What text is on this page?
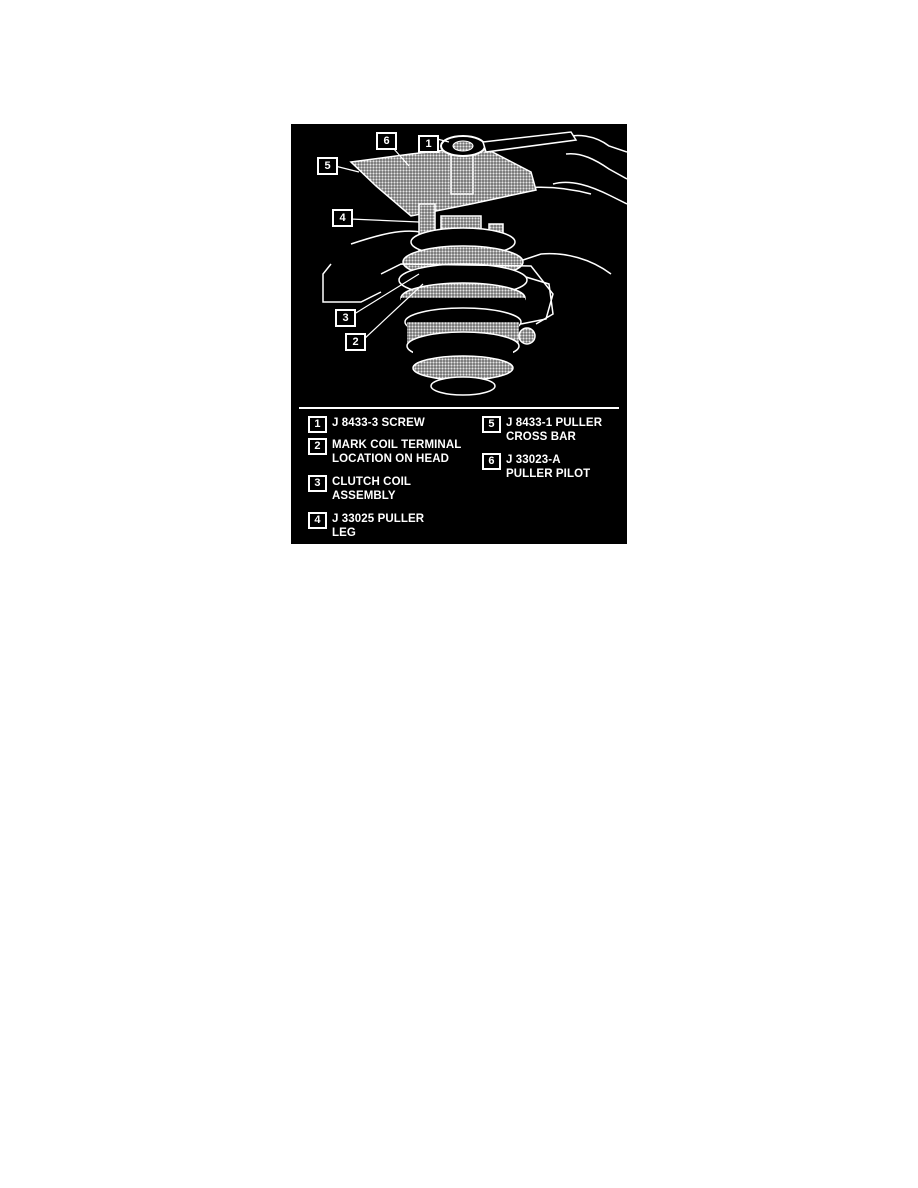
1
6
5
4
3
2
1 J 8433-3 SCREW
2 MARK COIL TERMINAL
LOCATION ON HEAD
3 CLUTCH COIL
ASSEMBLY
4 J 33025 PULLER
LEG
5 J 8433-1 PULLER
CROSS BAR
6 J 33023-A
PULLER PILOT
